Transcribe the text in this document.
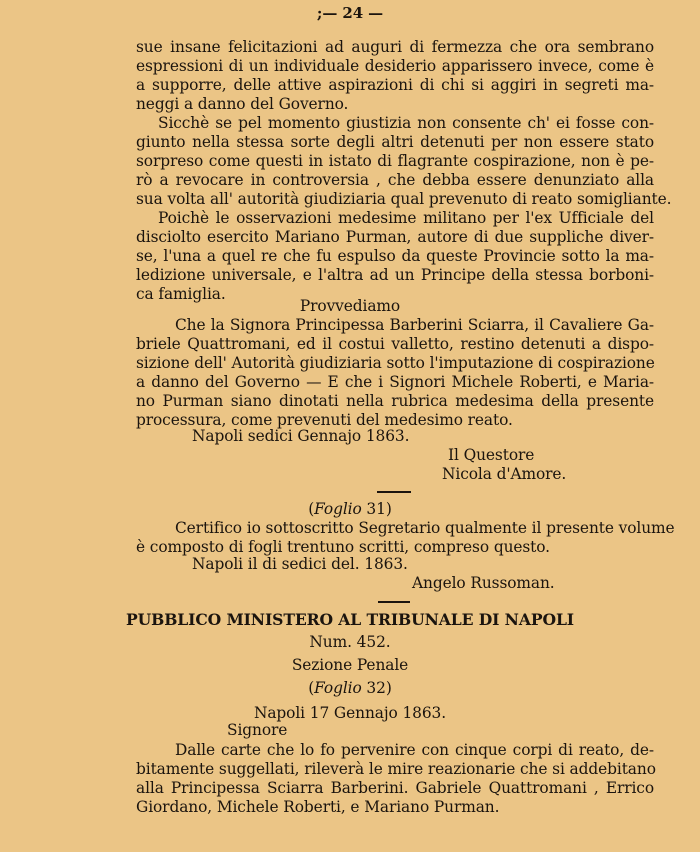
;— 24 —
sue insane felicitazioni ad auguri di fermezza che ora sembrano
espressioni di un individuale desiderio apparissero invece, come è
a supporre, delle attive aspirazioni di chi si aggiri in segreti ma-
neggi a danno del Governo.
Sicchè se pel momento giustizia non consente ch' ei fosse con-
giunto nella stessa sorte degli altri detenuti per non essere stato
sorpreso come questi in istato di flagrante cospirazione, non è pe-
rò a revocare in controversia , che debba essere denunziato alla
sua volta all' autorità giudiziaria qual prevenuto di reato somigliante.
Poichè le osservazioni medesime militano per l'ex Ufficiale del
disciolto esercito Mariano Purman, autore di due suppliche diver-
se, l'una a quel re che fu espulso da queste Provincie sotto la ma-
ledizione universale, e l'altra ad un Principe della stessa borboni-
ca famiglia.
Provvediamo
Che la Signora Principessa Barberini Sciarra, il Cavaliere Ga-
briele Quattromani, ed il costui valletto, restino detenuti a dispo-
sizione dell' Autorità giudiziaria sotto l'imputazione di cospirazione
a danno del Governo — E che i Signori Michele Roberti, e Maria-
no Purman siano dinotati nella rubrica medesima della presente
processura, come prevenuti del medesimo reato.
Napoli sedici Gennajo 1863.
Il Questore
Nicola d'Amore.
(Foglio 31)
Certifico io sottoscritto Segretario qualmente il presente volume
è composto di fogli trentuno scritti, compreso questo.
Napoli il di sedici del. 1863.
Angelo Russoman.
PUBBLICO MINISTERO AL TRIBUNALE DI NAPOLI
Num. 452.
Sezione Penale
(Foglio 32)
Napoli 17 Gennajo 1863.
Signore
Dalle carte che lo fo pervenire con cinque corpi di reato, de-
bitamente suggellati, rileverà le mire reazionarie che si addebitano
alla Principessa Sciarra Barberini. Gabriele Quattromani , Errico
Giordano, Michele Roberti, e Mariano Purman.
